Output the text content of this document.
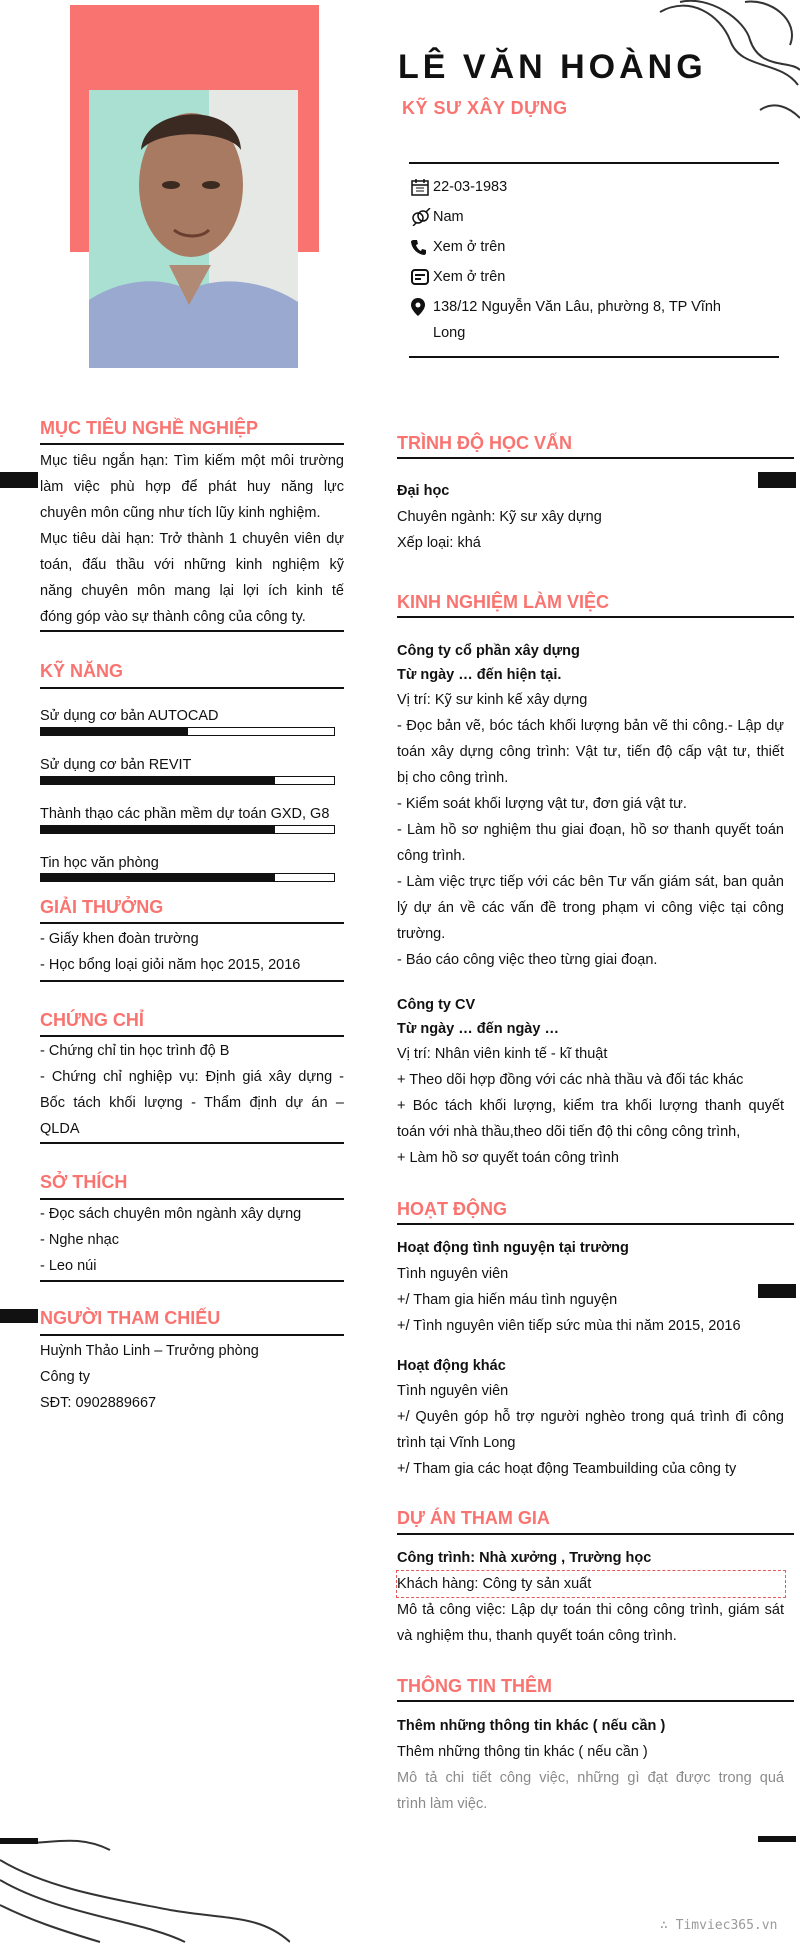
LÊ VĂN HOÀNG
KỸ SƯ XÂY DỰNG
22-03-1983
Nam
Xem ở trên
Xem ở trên
138/12 Nguyễn Văn Lâu, phường 8, TP Vĩnh
Long
MỤC TIÊU NGHỀ NGHIỆP
Mục tiêu ngắn hạn: Tìm kiếm một môi trường
làm việc phù hợp để phát huy năng lực
chuyên môn cũng như tích lũy kinh nghiệm.
Mục tiêu dài hạn: Trở thành 1 chuyên viên dự
toán, đấu thầu với những kinh nghiệm kỹ
năng chuyên môn mang lại lợi ích kinh tế
đóng góp vào sự thành công của công ty.
KỸ NĂNG
Sử dụng cơ bản AUTOCAD
Sử dụng cơ bản REVIT
Thành thạo các phần mềm dự toán GXD, G8
Tin học văn phòng
GIẢI THƯỞNG
- Giấy khen đoàn trường
- Học bổng loại giỏi năm học 2015, 2016
CHỨNG CHỈ
- Chứng chỉ tin học trình độ B
- Chứng chỉ nghiệp vụ: Định giá xây dựng -
Bốc tách khối lượng - Thẩm định dự án –
QLDA
SỞ THÍCH
- Đọc sách chuyên môn ngành xây dựng
- Nghe nhạc
- Leo núi
NGƯỜI THAM CHIẾU
Huỳnh Thảo Linh – Trưởng phòng
Công ty
SĐT: 0902889667
TRÌNH ĐỘ HỌC VẤN
Đại học
Chuyên ngành: Kỹ sư xây dựng
Xếp loại: khá
KINH NGHIỆM LÀM VIỆC
Công ty cổ phần xây dựng
Từ ngày … đến hiện tại.
Vị trí: Kỹ sư kinh kế xây dựng
- Đọc bản vẽ, bóc tách khối lượng bản vẽ thi công.- Lập dự
toán xây dựng công trình: Vật tư, tiến độ cấp vật tư, thiết
bị cho công trình.
- Kiểm soát khối lượng vật tư, đơn giá vật tư.
- Làm hồ sơ nghiệm thu giai đoạn, hồ sơ thanh quyết toán
công trình.
- Làm việc trực tiếp với các bên Tư vấn giám sát, ban quản
lý dự án về các vấn đề trong phạm vi công việc tại công
trường.
- Báo cáo công việc theo từng giai đoạn.
Công ty CV
Từ ngày … đến ngày …
Vị trí: Nhân viên kinh tế - kĩ thuật
+ Theo dõi hợp đồng với các nhà thầu và đối tác khác
+ Bóc tách khối lượng, kiểm tra khối lượng thanh quyết
toán với nhà thầu,theo dõi tiến độ thi công công trình,
+ Làm hồ sơ quyết toán công trình
HOẠT ĐỘNG
Hoạt động tình nguyện tại trường
Tình nguyên viên
+/ Tham gia hiến máu tình nguyện
+/ Tình nguyên viên tiếp sức mùa thi năm 2015, 2016
Hoạt động khác
Tình nguyên viên
+/ Quyên góp hỗ trợ người nghèo trong quá trình đi công
trình tại Vĩnh Long
+/ Tham gia các hoạt động Teambuilding của công ty
DỰ ÁN THAM GIA
Công trình: Nhà xưởng , Trường học
Khách hàng: Công ty sản xuất
Mô tả công việc: Lập dự toán thi công công trình, giám sát
và nghiệm thu, thanh quyết toán công trình.
THÔNG TIN THÊM
Thêm những thông tin khác ( nếu cần )
Thêm những thông tin khác ( nếu cần )
Mô tả chi tiết công việc, những gì đạt được trong quá
trình làm việc.
∴ Timviec365.vn
